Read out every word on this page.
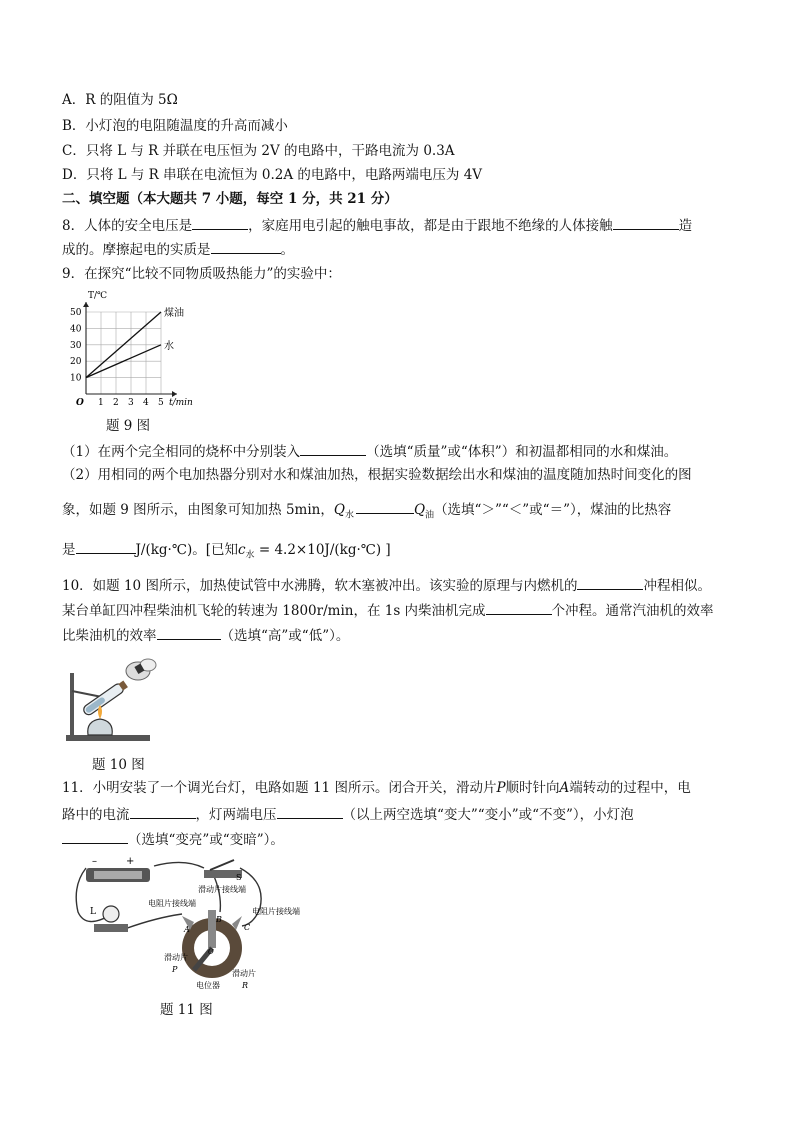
A．R 的阻值为 5Ω
B．小灯泡的电阻随温度的升高而减小
C．只将 L 与 R 并联在电压恒为 2V 的电路中，干路电流为 0.3A
D．只将 L 与 R 串联在电流恒为 0.2A 的电路中，电路两端电压为 4V
二、填空题（本大题共 7 小题，每空 1 分，共 21 分）
8．人体的安全电压是	，家庭用电引起的触电事故，都是由于跟地不绝缘的人体接触	造
成的。摩擦起电的实质是	。
9．在探究“比较不同物质吸热能力”的实验中：
1 2 3 4 5
10
20
30
40
50
O
T/℃
t/min
煤油
水
题 9 图
（1）在两个完全相同的烧杯中分别装入	（选填“质量”或“体积”）和初温都相同的水和煤油。
（2）用相同的两个电加热器分别对水和煤油加热，根据实验数据绘出水和煤油的温度随加热时间变化的图
象，如题 9 图所示，由图象可知加热 5min，$Q_水$	$Q_油$（选填“＞”“＜”或“＝”），煤油的比热容
是	J/(kg·℃)。[已知$c_水$ = 4.2×10J/(kg·℃) ]
10．如题 10 图所示，加热使试管中水沸腾，软木塞被冲出。该实验的原理与内燃机的	冲程相似。
某台单缸四冲程柴油机飞轮的转速为 1800r/min，在 1s 内柴油机完成	个冲程。通常汽油机的效率
比柴油机的效率	（选填“高”或“低”）。
题 10 图
11．小明安装了一个调光台灯，电路如题 11 图所示。闭合开关，滑动片P顺时针向A端转动的过程中，电
路中的电流	，灯两端电压	（以上两空选填“变大”“变小”或“不变”），小灯泡
（选填“变亮”或“变暗”）。
–	+
S
滑动片接线端
L
电阻片接线端
电阻片接线端
A
B
C
O
滑动片
P	滑动片
R
电位器
题 11 图
